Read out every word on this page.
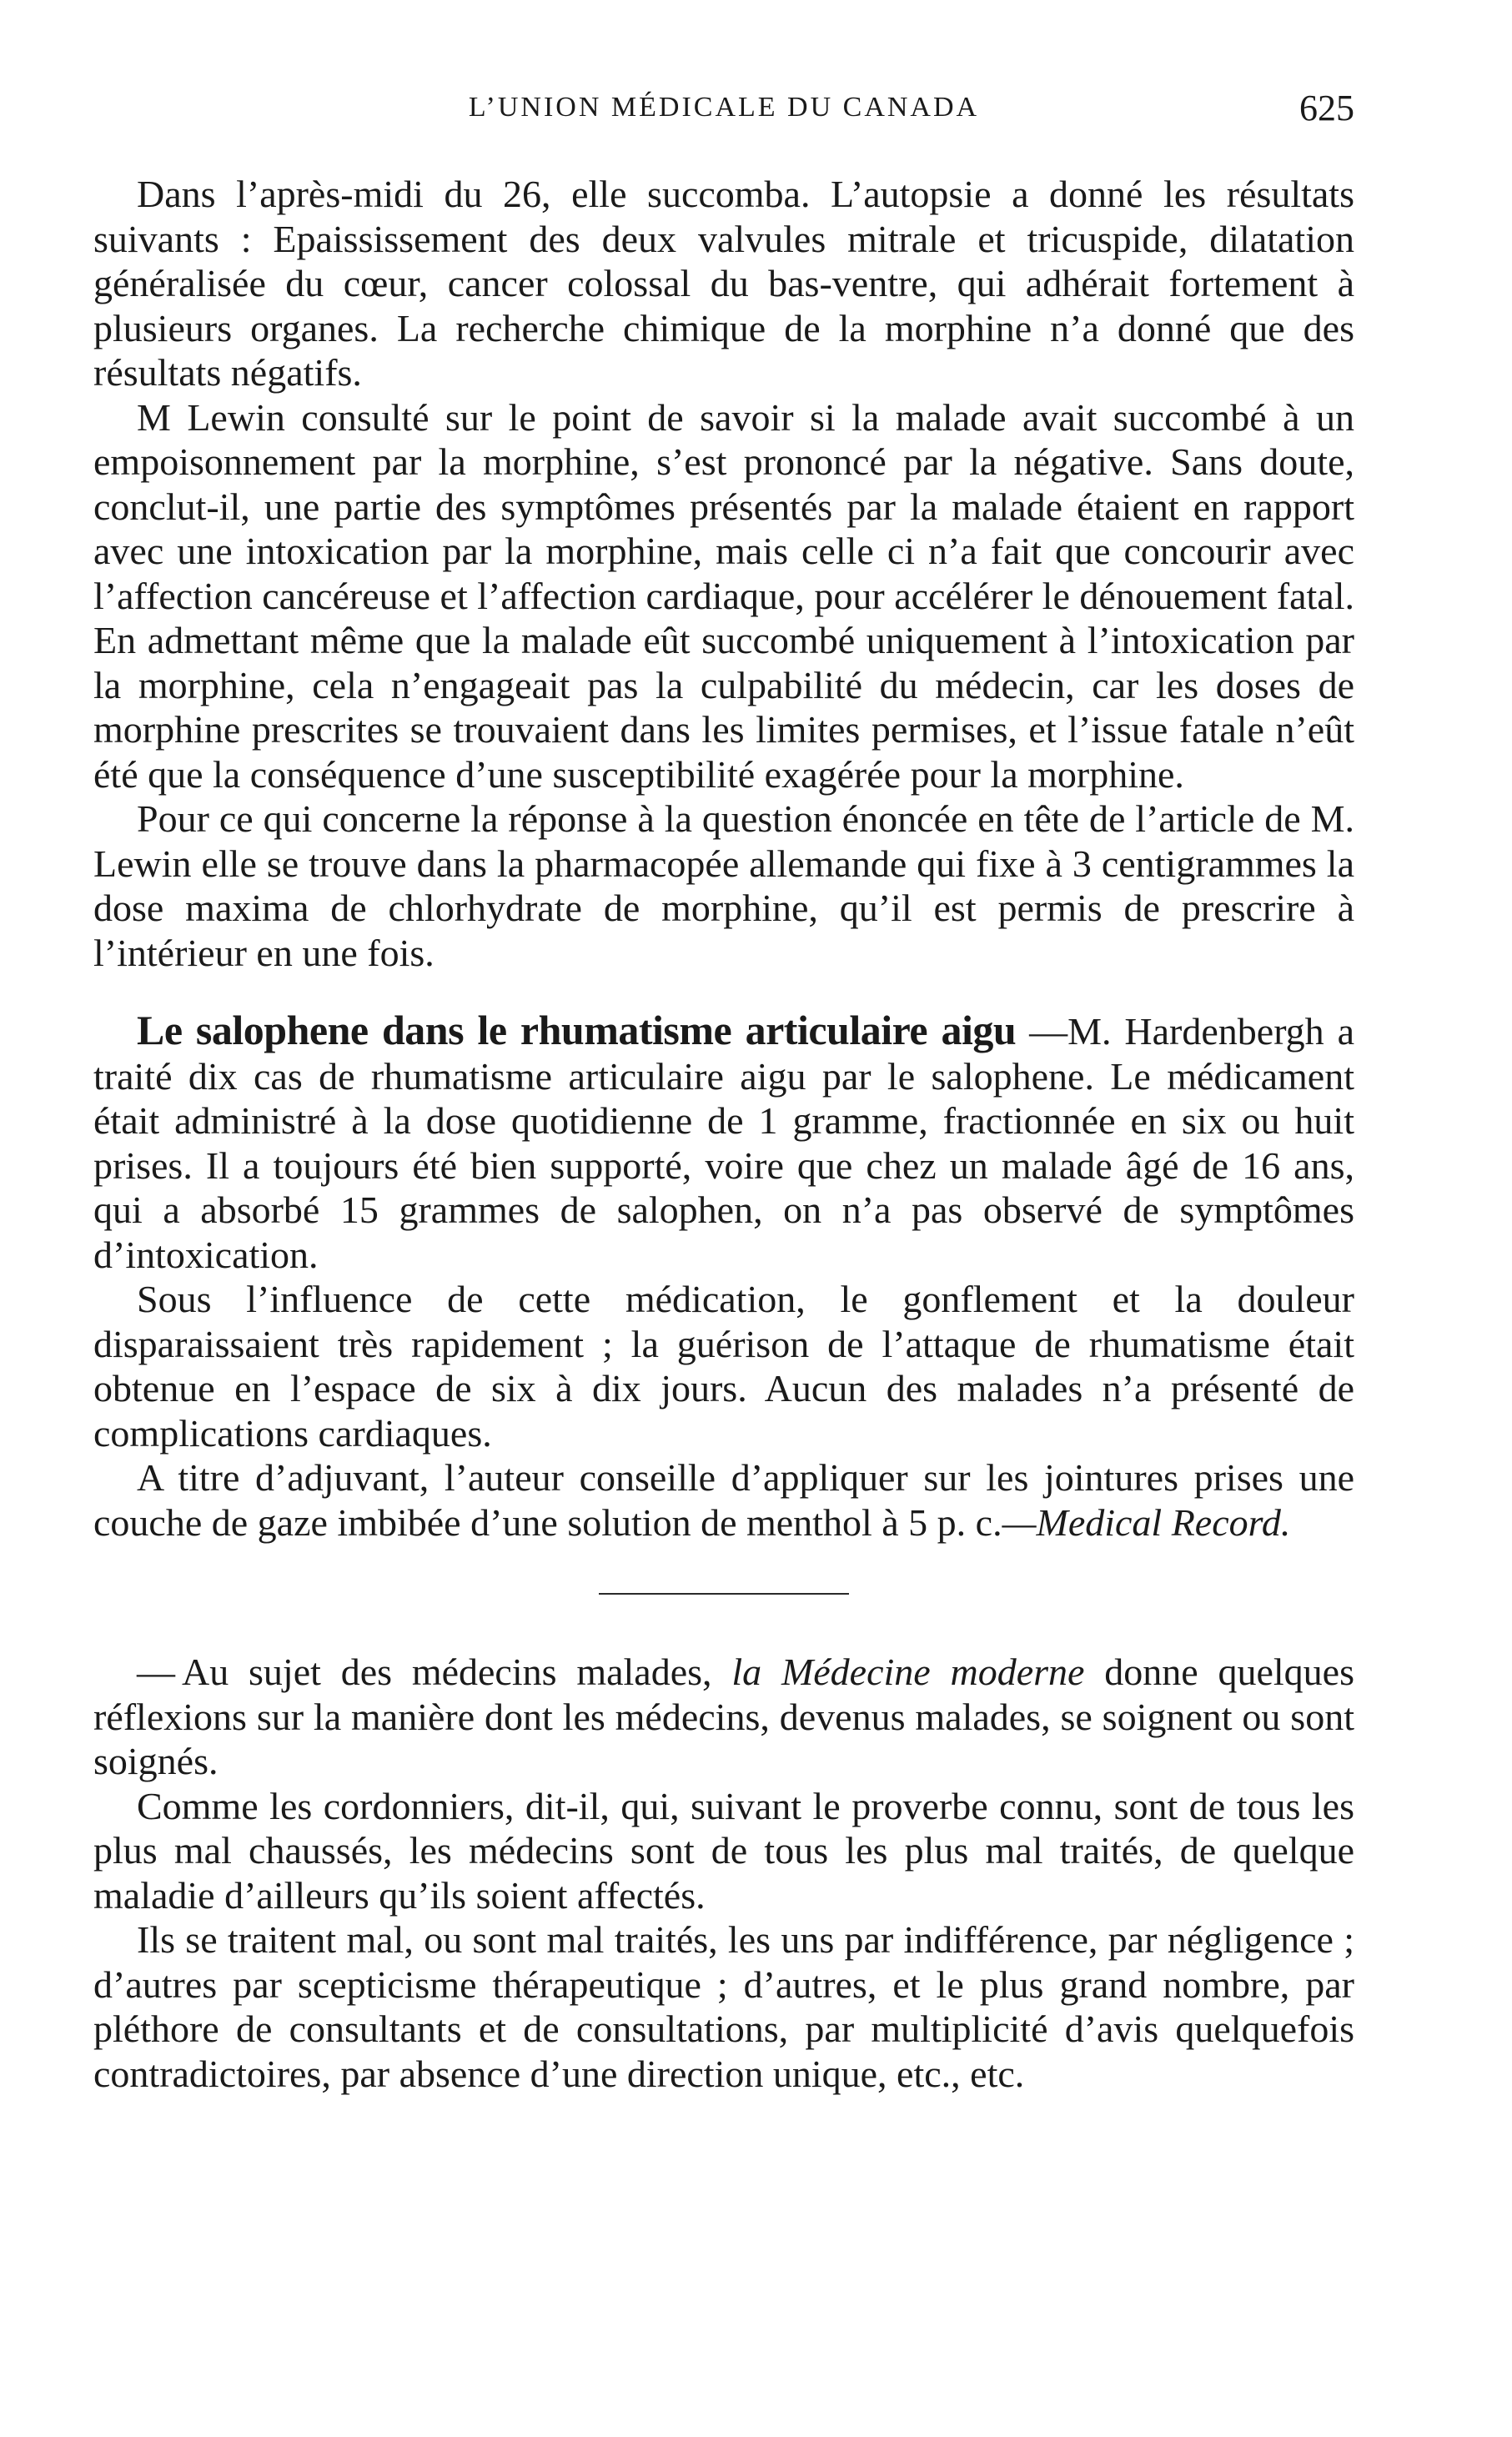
L’UNION MÉDICALE DU CANADA	625

Dans l’après-midi du 26, elle succomba. L’autopsie a donné les résultats suivants : Epaississement des deux valvules mitrale et tricuspide, dilatation généralisée du cœur, cancer colossal du bas-ventre, qui adhérait fortement à plusieurs organes. La recherche chimique de la morphine n’a donné que des résultats négatifs.

M Lewin consulté sur le point de savoir si la malade avait succombé à un empoisonnement par la morphine, s’est prononcé par la négative. Sans doute, conclut-il, une partie des symptômes présentés par la malade étaient en rapport avec une intoxication par la morphine, mais celle ci n’a fait que concourir avec l’affection cancéreuse et l’affection cardiaque, pour accélérer le dénouement fatal. En admettant même que la malade eût succombé uniquement à l’intoxication par la morphine, cela n’engageait pas la culpabilité du médecin, car les doses de morphine prescrites se trouvaient dans les limites permises, et l’issue fatale n’eût été que la conséquence d’une susceptibilité exagérée pour la morphine.

Pour ce qui concerne la réponse à la question énoncée en tête de l’article de M. Lewin elle se trouve dans la pharmacopée allemande qui fixe à 3 centigrammes la dose maxima de chlorhydrate de morphine, qu’il est permis de prescrire à l’intérieur en une fois.

Le salophene dans le rhumatisme articulaire aigu —M. Hardenbergh a traité dix cas de rhumatisme articulaire aigu par le salophene. Le médicament était administré à la dose quotidienne de 1 gramme, fractionnée en six ou huit prises. Il a toujours été bien supporté, voire que chez un malade âgé de 16 ans, qui a absorbé 15 grammes de salophen, on n’a pas observé de symptômes d’intoxication.

Sous l’influence de cette médication, le gonflement et la douleur disparaissaient très rapidement ; la guérison de l’attaque de rhumatisme était obtenue en l’espace de six à dix jours. Aucun des malades n’a présenté de complications cardiaques.

A titre d’adjuvant, l’auteur conseille d’appliquer sur les jointures prises une couche de gaze imbibée d’une solution de menthol à 5 p. c.—Medical Record.

— Au sujet des médecins malades, la Médecine moderne donne quelques réflexions sur la manière dont les médecins, devenus malades, se soignent ou sont soignés.

Comme les cordonniers, dit-il, qui, suivant le proverbe connu, sont de tous les plus mal chaussés, les médecins sont de tous les plus mal traités, de quelque maladie d’ailleurs qu’ils soient affectés.

Ils se traitent mal, ou sont mal traités, les uns par indifférence, par négligence ; d’autres par scepticisme thérapeutique ; d’autres, et le plus grand nombre, par pléthore de consultants et de consultations, par multiplicité d’avis quelquefois contradictoires, par absence d’une direction unique, etc., etc.
